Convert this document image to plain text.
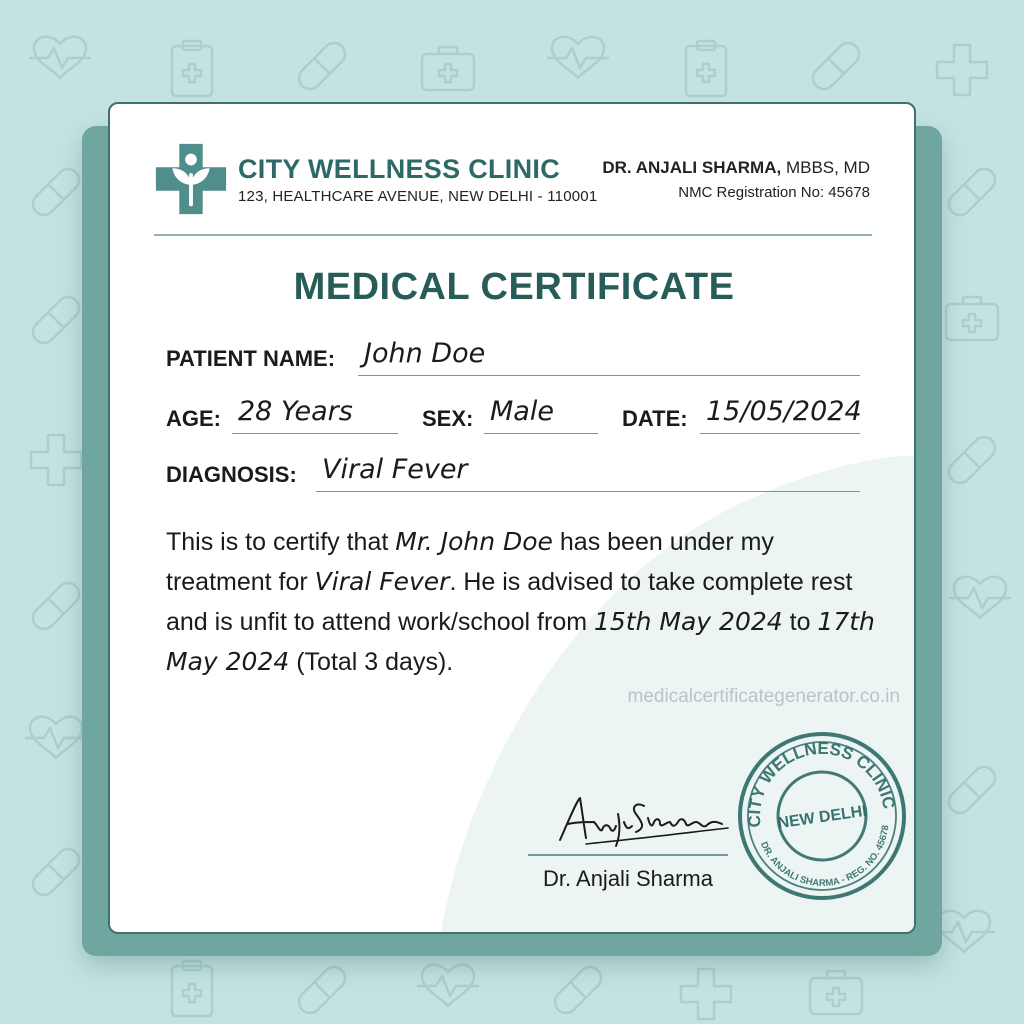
CITY WELLNESS CLINIC
123, HEALTHCARE AVENUE, NEW DELHI - 110001
DR. ANJALI SHARMA, MBBS, MD
NMC Registration No: 45678
MEDICAL CERTIFICATE
PATIENT NAME: John Doe
AGE: 28 Years	SEX: Male	DATE: 15/05/2024
DIAGNOSIS: Viral Fever
This is to certify that Mr. John Doe has been under my treatment for Viral Fever. He is advised to take complete rest and is unfit to attend work/school from 15th May 2024 to 17th May 2024 (Total 3 days).
medicalcertificategenerator.co.in
Dr. Anjali Sharma
CITY WELLNESS CLINIC
NEW DELHI
DR. ANJALI SHARMA - REG. NO. 45678
